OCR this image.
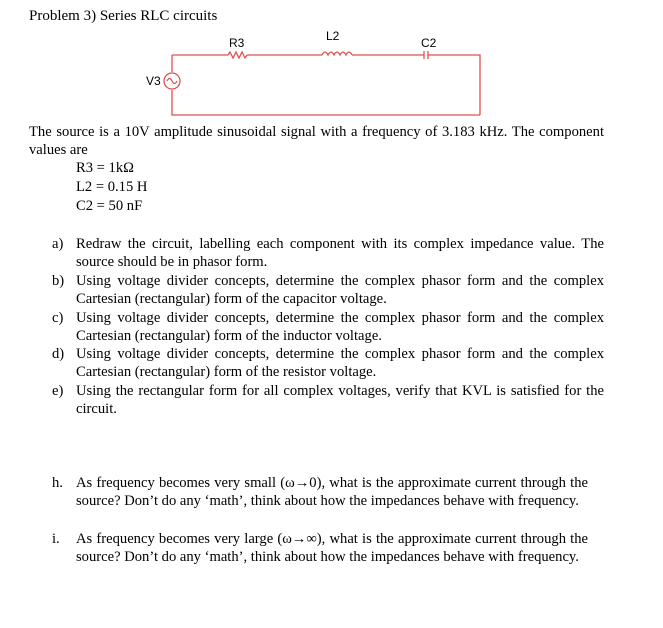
Problem 3) Series RLC circuits
R3	L2	C2
V3
The source is a 10V amplitude sinusoidal signal with a frequency of 3.183 kHz. The component values are
R3 = 1kΩ
L2 = 0.15 H
C2 = 50 nF
a) Redraw the circuit, labelling each component with its complex impedance value. The source should be in phasor form.
b) Using voltage divider concepts, determine the complex phasor form and the complex Cartesian (rectangular) form of the capacitor voltage.
c) Using voltage divider concepts, determine the complex phasor form and the complex Cartesian (rectangular) form of the inductor voltage.
d) Using voltage divider concepts, determine the complex phasor form and the complex Cartesian (rectangular) form of the resistor voltage.
e) Using the rectangular form for all complex voltages, verify that KVL is satisfied for the circuit.
h. As frequency becomes very small (ω→0), what is the approximate current through the source? Don’t do any ‘math’, think about how the impedances behave with frequency.
i. As frequency becomes very large (ω→∞), what is the approximate current through the source? Don’t do any ‘math’, think about how the impedances behave with frequency.
